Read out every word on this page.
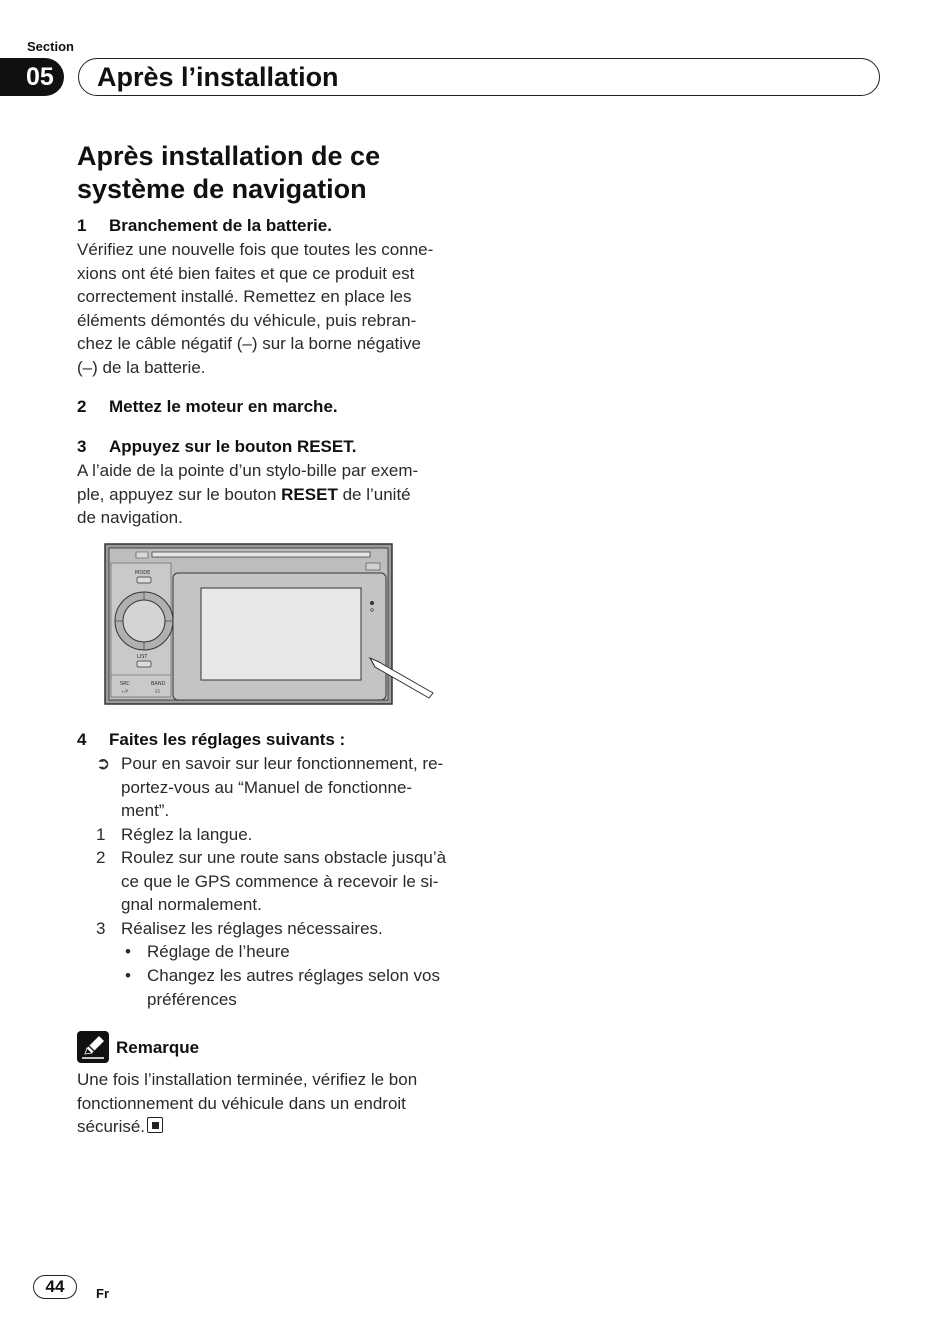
Section
05	Après l’installation
Après installation de ce
système de navigation
1 Branchement de la batterie.
Vérifiez une nouvelle fois que toutes les conne-
xions ont été bien faites et que ce produit est
correctement installé. Remettez en place les
éléments démontés du véhicule, puis rebran-
chez le câble négatif (–) sur la borne négative
(–) de la batterie.
2 Mettez le moteur en marche.
3 Appuyez sur le bouton RESET.
A l’aide de la pointe d’un stylo-bille par exem-
ple, appuyez sur le bouton RESET de l’unité
de navigation.
MODE
LIST
SRC	BAND
+/P	S5
4 Faites les réglages suivants :
➲ Pour en savoir sur leur fonctionnement, re-
portez-vous au “Manuel de fonctionne-
ment”.
1 Réglez la langue.
2 Roulez sur une route sans obstacle jusqu’à
ce que le GPS commence à recevoir le si-
gnal normalement.
3 Réalisez les réglages nécessaires.
• Réglage de l’heure
• Changez les autres réglages selon vos
préférences
Remarque
Une fois l’installation terminée, vérifiez le bon
fonctionnement du véhicule dans un endroit
sécurisé.
44	Fr
